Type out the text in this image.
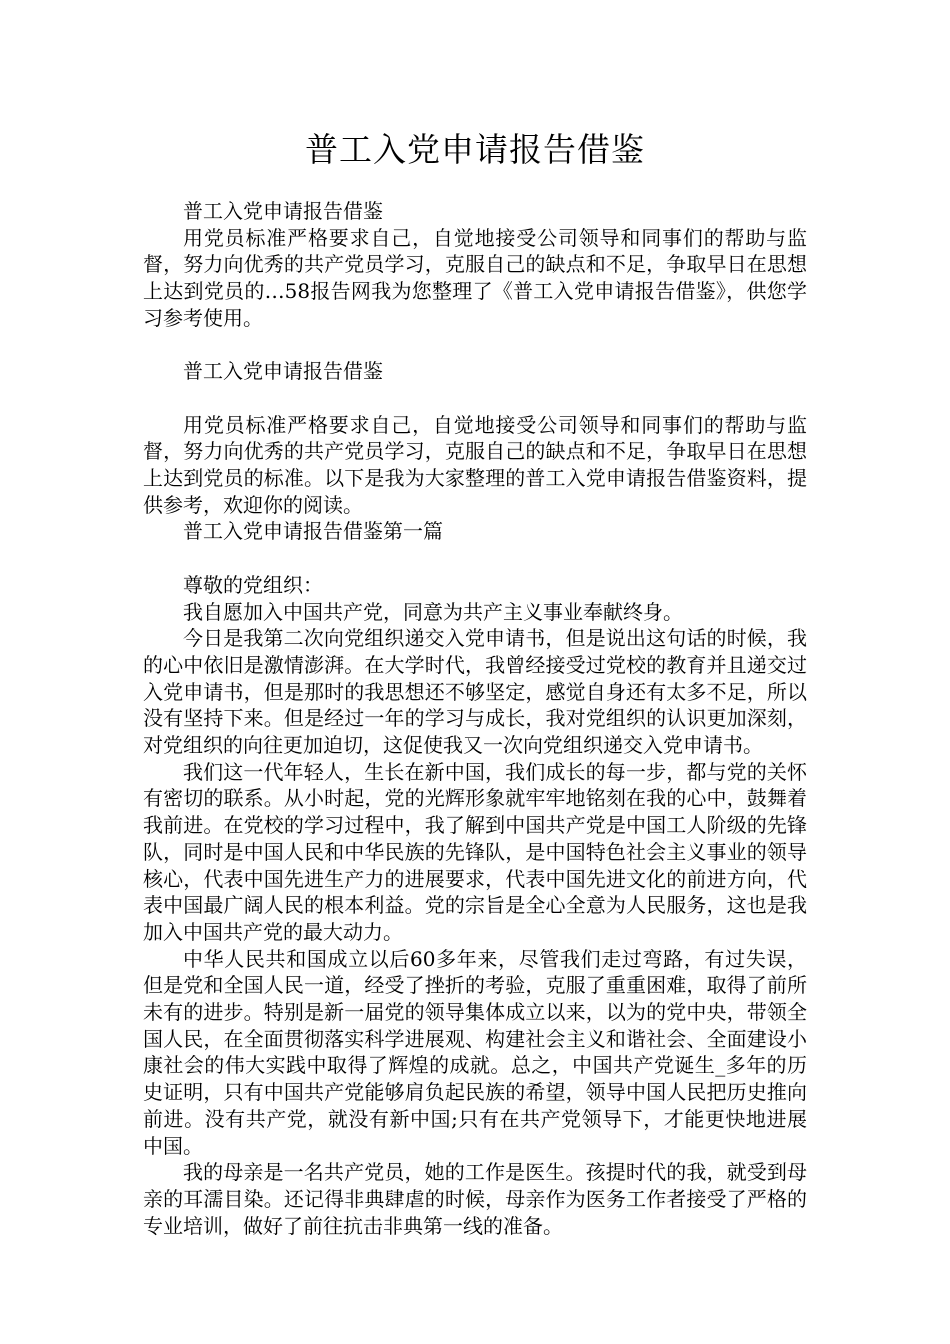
普工入党申请报告借鉴

普工入党申请报告借鉴

用党员标准严格要求自己，自觉地接受公司领导和同事们的帮助与监督，努力向优秀的共产党员学习，克服自己的缺点和不足，争取早日在思想上达到党员的…58报告网我为您整理了《普工入党申请报告借鉴》，供您学习参考使用。

普工入党申请报告借鉴

用党员标准严格要求自己，自觉地接受公司领导和同事们的帮助与监督，努力向优秀的共产党员学习，克服自己的缺点和不足，争取早日在思想上达到党员的标准。以下是我为大家整理的普工入党申请报告借鉴资料，提供参考，欢迎你的阅读。

普工入党申请报告借鉴第一篇

尊敬的党组织：

我自愿加入中国共产党，同意为共产主义事业奉献终身。

今日是我第二次向党组织递交入党申请书，但是说出这句话的时候，我的心中依旧是激情澎湃。在大学时代，我曾经接受过党校的教育并且递交过入党申请书，但是那时的我思想还不够坚定，感觉自身还有太多不足，所以没有坚持下来。但是经过一年的学习与成长，我对党组织的认识更加深刻，对党组织的向往更加迫切，这促使我又一次向党组织递交入党申请书。

我们这一代年轻人，生长在新中国，我们成长的每一步，都与党的关怀有密切的联系。从小时起，党的光辉形象就牢牢地铭刻在我的心中，鼓舞着我前进。在党校的学习过程中，我了解到中国共产党是中国工人阶级的先锋队，同时是中国人民和中华民族的先锋队，是中国特色社会主义事业的领导核心，代表中国先进生产力的进展要求，代表中国先进文化的前进方向，代表中国最广阔人民的根本利益。党的宗旨是全心全意为人民服务，这也是我加入中国共产党的最大动力。

中华人民共和国成立以后60多年来，尽管我们走过弯路，有过失误，但是党和全国人民一道，经受了挫折的考验，克服了重重困难，取得了前所未有的进步。特别是新一届党的领导集体成立以来，以为的党中央，带领全国人民，在全面贯彻落实科学进展观、构建社会主义和谐社会、全面建设小康社会的伟大实践中取得了辉煌的成就。总之，中国共产党诞生_多年的历史证明，只有中国共产党能够肩负起民族的希望，领导中国人民把历史推向前进。没有共产党，就没有新中国;只有在共产党领导下，才能更快地进展中国。

我的母亲是一名共产党员，她的工作是医生。孩提时代的我，就受到母亲的耳濡目染。还记得非典肆虐的时候，母亲作为医务工作者接受了严格的专业培训，做好了前往抗击非典第一线的准备。
